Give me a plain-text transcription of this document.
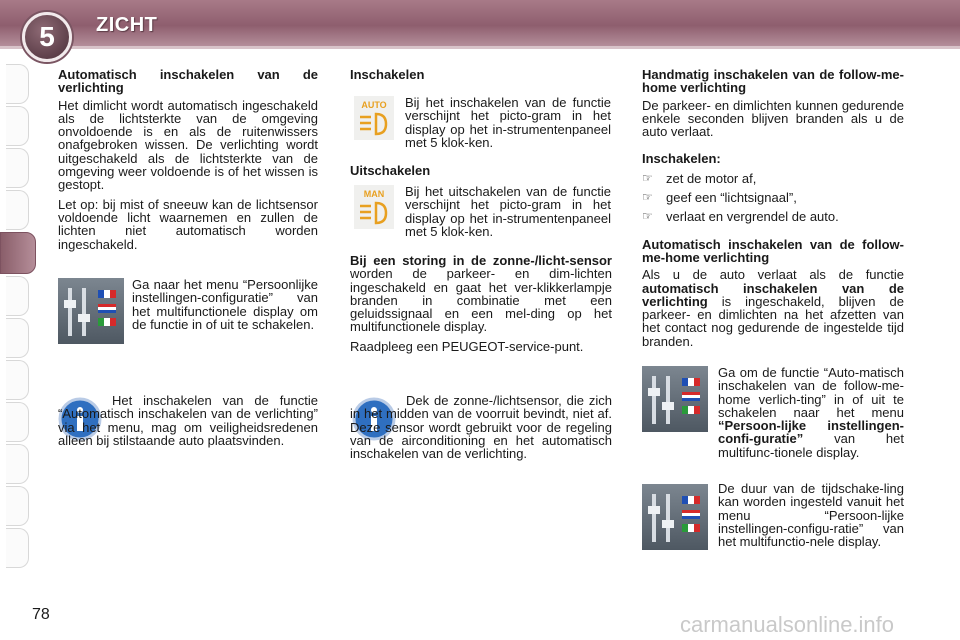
5	ZICHT

Automatisch inschakelen van de verlichting

Het dimlicht wordt automatisch ingeschakeld als de lichtsterkte van de omgeving onvoldoende is en als de ruitenwissers onafgebroken wissen. De verlichting wordt uitgeschakeld als de lichtsterkte van de omgeving weer voldoende is of het wissen is gestopt.

Let op: bij mist of sneeuw kan de lichtsensor voldoende licht waarnemen en zullen de lichten niet automatisch worden ingeschakeld.

Ga naar het menu “Persoonlijke instellingen-configuratie” van het multifunctionele display om de functie in of uit te schakelen.
Het inschakelen van de functie “Automatisch inschakelen van de verlichting” via het menu, mag om veiligheidsredenen alleen bij stilstaande auto plaatsvinden.

Inschakelen

AUTO Bij het inschakelen van de functie verschijnt het picto-gram in het display op het in-strumentenpaneel met 5 klok-ken.

Uitschakelen

MAN Bij het uitschakelen van de functie verschijnt het picto-gram in het display op het in-strumentenpaneel met 5 klok-ken.

Bij een storing in de zonne-/licht-sensor worden de parkeer- en dim-lichten ingeschakeld en gaat het ver-klikkerlampje branden in combinatie met een geluidssignaal en een mel-ding op het multifunctionele display.

Raadpleeg een PEUGEOT-service-punt.

Dek de zonne-/lichtsensor, die zich in het midden van de voorruit bevindt, niet af. Deze sensor wordt gebruikt voor de regeling van de airconditioning en het automatisch inschakelen van de verlichting.

Handmatig inschakelen van de follow-me-home verlichting

De parkeer- en dimlichten kunnen gedurende enkele seconden blijven branden als u de auto verlaat.

Inschakelen:

☞ zet de motor af,
☞ geef een “lichtsignaal”,
☞ verlaat en vergrendel de auto.

Automatisch inschakelen van de follow-me-home verlichting

Als u de auto verlaat als de functie automatisch inschakelen van de verlichting is ingeschakeld, blijven de parkeer- en dimlichten na het afzetten van het contact nog gedurende de ingestelde tijd branden.

Ga om de functie “Auto-matisch inschakelen van de follow-me-home verlich-ting” in of uit te schakelen naar het menu “Persoon-lijke instellingen-confi-guratie” van het multifunc-tionele display.
De duur van de tijdschake-ling kan worden ingesteld vanuit het menu “Persoon-lijke instellingen-configu-ratie” van het multifunctio-nele display.
78	carmanualsonline.info
